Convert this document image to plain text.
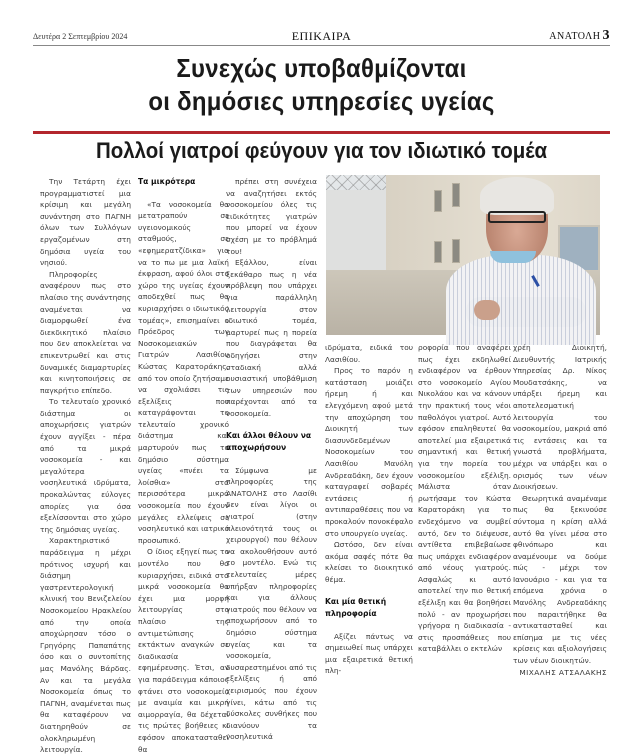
Δευτέρα 2 Σεπτεμβρίου 2024	ΕΠΙΚΑΙΡΑ	ΑΝΑΤΟΛΗ 3
Συνεχώς υποβαθμίζονται
οι δημόσιες υπηρεσίες υγείας
Πολλοί γιατροί φεύγουν για τον ιδιωτικό τομέα

Την Τετάρτη έχει προγραμματιστεί μια κρίσιμη και μεγάλη συνάντηση στο ΠΑΓΝΗ όλων των Συλλόγων εργαζομένων στη δημόσια υγεία του νησιού.

Πληροφορίες αναφέρουν πως στο πλαίσιο της συνάντησης αναμένεται να διαμορφωθεί ένα διεκδικητικό πλαίσιο που δεν αποκλείεται να επικεντρωθεί και στις δυναμικές διαμαρτυρίες και κινητοποιήσεις σε παγκρήτιο επίπεδο.

Το τελευταίο χρονικό διάστημα οι αποχωρήσεις γιατρών έχουν αγγίξει - πέρα από τα μικρά νοσοκομεία - και μεγαλύτερα νοσηλευτικά ιδρύματα, προκαλώντας εύλογες απορίες για όσα εξελίσσονται στο χώρο της δημόσιας υγείας.

Χαρακτηριστικό παράδειγμα η μέχρι πρότινος ισχυρή και διάσημη γαστρεντερολογική κλινική του Βενιζελείου Νοσοκομείου Ηρακλείου από την οποία αποχώρησαν τόσο ο Γρηγόρης Παπαπάτης όσο και ο συντοπίτης μας Μανόλης Βάρδας. Αν και τα μεγάλα Νοσοκομεία όπως το ΠΑΓΝΗ, αναμένεται πως θα καταφέρουν να διατηρηθούν σε ολοκληρωμένη λειτουργία.

Τα μικρότερα

«Τα νοσοκομεία θα μετατραπούν σε υγειονομικούς σταθμούς, σε «εφημερατζίδικα» για να το πω με μια λαϊκή έκφραση, αφού όλοι στο χώρο της υγείας έχουν αποδεχθεί πως θα κυριαρχήσει ο ιδιωτικός τομέας», επισημαίνει ο Πρόεδρος των Νοσοκομειακών Γιατρών Λασιθίου Κώστας Καρατοράκης, από τον οποίο ζητήσαμε να σχολιάσει τις εξελίξεις που καταγράφονται το τελευταίο χρονικό διάστημα και μαρτυρούν πως το δημόσιο σύστημα υγείας «πνέει τα λοίσθια» στα περισσότερα μικρά νοσοκομεία που έχουν μεγάλες ελλείψεις σε νοσηλευτικό και ιατρικό προσωπικό.

Ο ίδιος εξηγεί πως το μοντέλο που θα κυριαρχήσει, ειδικά στα μικρά νοσοκομεία θα έχει μια μορφή λειτουργίας στο πλαίσιο της αντιμετώπισης εκτάκτων αναγκών σε διαδικασία εφημέρευσης. Έτσι, αν για παράδειγμα κάποιος φτάνει στο νοσοκομείο με αναιμία και μικρή αιμορραγία, θα δέχεται τις πρώτες βοήθειες κι εφόσον αποκατασταθεί θα

πρέπει στη συνέχεια να αναζητήσει εκτός νοσοκομείου όλες τις ειδικότητες γιατρών που μπορεί να έχουν σχέση με το πρόβλημά του!

Εξάλλου, είναι ξεκάθαρο πως η νέα πρόβλεψη που υπάρχει για παράλληλη λειτουργία στον ιδιωτικό τομέα, μαρτυρεί πως η πορεία που διαγράφεται θα οδηγήσει στην σταδιακή αλλά ουσιαστική υποβάθμιση των υπηρεσιών που παρέχονται από τα νοσοκομεία.

Και άλλοι θέλουν να αποχωρήσουν

Σύμφωνα με πληροφορίες της ΑΝΑΤΟΛΗΣ στο Λασίθι δεν είναι λίγοι οι γιατροί (στην πλειονότητά τους οι χειρουργοί) που θέλουν να ακολουθήσουν αυτό το μοντέλο. Ενώ τις τελευταίες μέρες υπήρξαν πληροφορίες και για άλλους γιατρούς που θέλουν να αποχωρήσουν από το δημόσιο σύστημα υγείας και τα νοσοκομεία, δυσαρεστημένοι από τις εξελίξεις ή από χειρισμούς που έχουν γίνει, κάτω από τις δύσκολες συνθήκες που διανύουν τα νοσηλευτικά

ιδρύματα, ειδικά του Λασιθίου.

Προς το παρόν η κατάσταση μοιάζει ήρεμη ή και ελεγχόμενη αφού μετά την αποχώρηση του Διοικητή των διασυνδεδεμένων Νοσοκομείων του Λασιθίου Μανόλη Ανδρεαδάκη, δεν έχουν καταγραφεί σοβαρές εντάσεις ή αντιπαραθέσεις που να προκαλούν πονοκέφαλο στο υπουργείο υγείας.

Ωστόσο, δεν είναι ακόμα σαφές πότε θα κλείσει το διοικητικό θέμα.

Και μία θετική πληροφορία

Αξίζει πάντως να σημειωθεί πως υπάρχει μια εξαιρετικά θετική πλη-

ροφορία που αναφέρει πως έχει εκδηλωθεί ενδιαφέρον να έρθουν στο νοσοκομείο Αγίου Νικολάου και να κάνουν την πρακτική τους νέοι παθολόγοι γιατροί. Αυτό εφόσον επαληθευτεί θα αποτελεί μια εξαιρετικά σημαντική και θετική για την πορεία του νοσοκομείου εξέλιξη. Μάλιστα όταν ρωτήσαμε τον Κώστα Καρατοράκη για το ενδεχόμενο να συμβεί αυτό, δεν το διέψευσε, αντίθετα επιβεβαίωσε πως υπάρχει ενδιαφέρον από νέους γιατρούς. Ασφαλώς κι αυτό αποτελεί την πιο θετική εξέλιξη και θα βοηθήσει πολύ - αν προχωρήσει γρήγορα η διαδικασία - στις προσπάθειες που καταβάλλει ο εκτελών

χρέη Διοικητή, Διευθυντής Ιατρικής Υπηρεσίας Δρ. Νίκος Μουδατσάκης, να υπάρξει ήρεμη και αποτελεσματική λειτουργία του νοσοκομείου, μακριά από τις εντάσεις και τα γνωστά προβλήματα, μέχρι να υπάρξει και ο ορισμός των νέων Διοικήσεων.

Θεωρητικά αναμέναμε πως θα ξεκινούσε σύντομα η κρίση αλλά αυτό θα γίνει μέσα στο φθινόπωρο και αναμένουμε να δούμε πώς - μέχρι τον Ιανουάριο - και για τα επόμενα χρόνια ο Μανόλης Ανδρεαδάκης που παραιτήθηκε θα αντικατασταθεί και επίσημα με τις νέες κρίσεις και αξιολογήσεις των νέων διοικητών.

ΜΙΧΑΛΗΣ ΑΤΣΑΛΑΚΗΣ
